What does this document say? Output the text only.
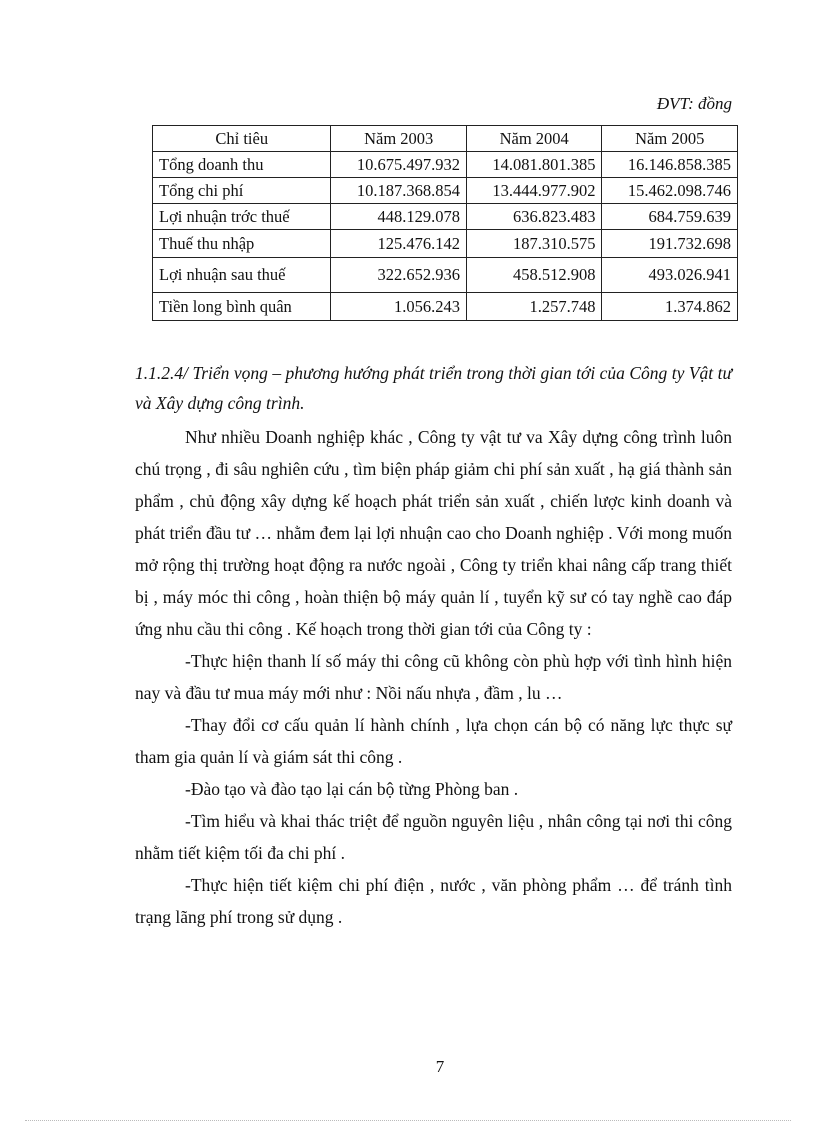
ĐVT: đồng
Chỉ tiêu	Năm 2003	Năm 2004	Năm 2005
Tổng doanh thu	10.675.497.932	14.081.801.385	16.146.858.385
Tổng chi phí	10.187.368.854	13.444.977.902	15.462.098.746
Lợi nhuận trớc thuế	448.129.078	636.823.483	684.759.639
Thuế thu nhập	125.476.142	187.310.575	191.732.698
Lợi nhuận sau thuế	322.652.936	458.512.908	493.026.941
Tiền long bình quân	1.056.243	1.257.748	1.374.862
1.1.2.4/ Triển vọng – phương hướng phát triển trong thời gian tới của Công ty Vật tư và Xây dựng công trình.

Như nhiều Doanh nghiệp khác , Công ty vật tư va Xây dựng công trình luôn chú trọng , đi sâu nghiên cứu , tìm biện pháp giảm chi phí sản xuất , hạ giá thành sản phẩm , chủ động xây dựng kế hoạch phát triển sản xuất , chiến lược kinh doanh và phát triển đầu tư … nhằm đem lại lợi nhuận cao cho Doanh nghiệp . Với mong muốn mở rộng thị trường hoạt động ra nước ngoài , Công ty triển khai nâng cấp trang thiết bị , máy móc thi công , hoàn thiện bộ máy quản lí , tuyển kỹ sư có tay nghề cao đáp ứng nhu cầu thi công . Kế hoạch trong thời gian tới của Công ty :

-Thực hiện thanh lí số máy thi công cũ không còn phù hợp với tình hình hiện nay và đầu tư mua máy mới như : Nồi nấu nhựa , đầm , lu …

-Thay đổi cơ cấu quản lí hành chính , lựa chọn cán bộ có năng lực thực sự tham gia quản lí và giám sát thi công .

-Đào tạo và đào tạo lại cán bộ từng Phòng ban .

-Tìm hiểu và khai thác triệt để nguồn nguyên liệu , nhân công tại nơi thi công nhằm tiết kiệm tối đa chi phí .

-Thực hiện tiết kiệm chi phí điện , nước , văn phòng phẩm … để tránh tình trạng lãng phí trong sử dụng .

7
